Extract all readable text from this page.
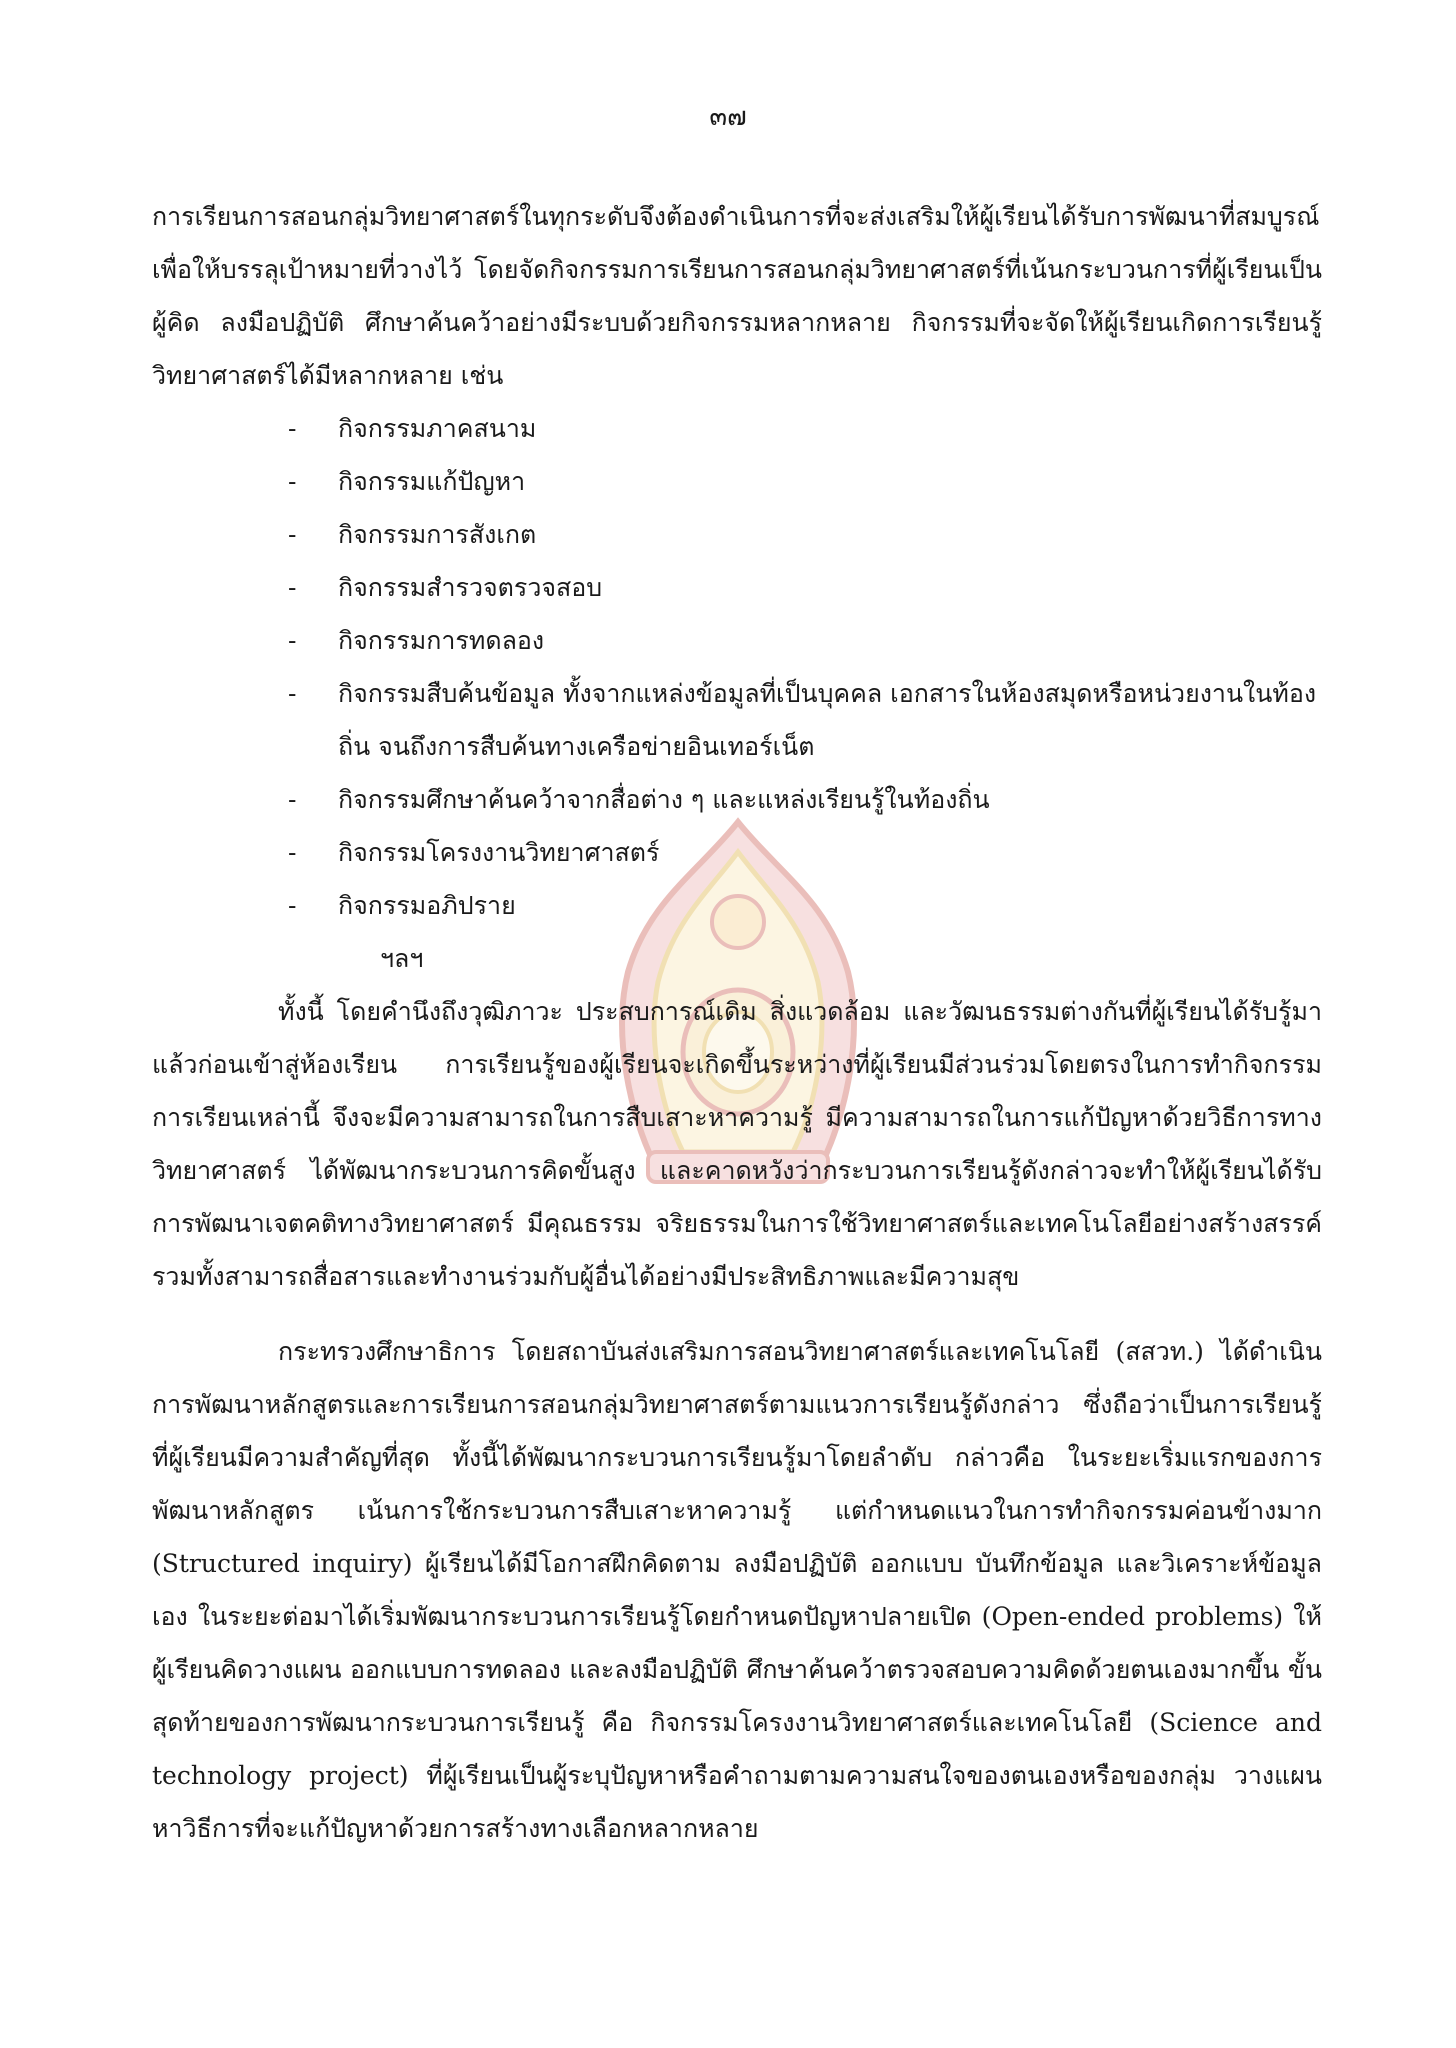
๓๗

การเรียนการสอนกลุ่มวิทยาศาสตร์ในทุกระดับจึงต้องดำเนินการที่จะส่งเสริมให้ผู้เรียนได้รับการพัฒนาที่สมบูรณ์เพื่อให้บรรลุเป้าหมายที่วางไว้ โดยจัดกิจกรรมการเรียนการสอนกลุ่มวิทยาศาสตร์ที่เน้นกระบวนการที่ผู้เรียนเป็นผู้คิด ลงมือปฏิบัติ ศึกษาค้นคว้าอย่างมีระบบด้วยกิจกรรมหลากหลาย กิจกรรมที่จะจัดให้ผู้เรียนเกิดการเรียนรู้วิทยาศาสตร์ได้มีหลากหลาย เช่น

- กิจกรรมภาคสนาม
- กิจกรรมแก้ปัญหา
- กิจกรรมการสังเกต
- กิจกรรมสำรวจตรวจสอบ
- กิจกรรมการทดลอง
- กิจกรรมสืบค้นข้อมูล ทั้งจากแหล่งข้อมูลที่เป็นบุคคล เอกสารในห้องสมุดหรือหน่วยงานในท้องถิ่น จนถึงการสืบค้นทางเครือข่ายอินเทอร์เน็ต
- กิจกรรมศึกษาค้นคว้าจากสื่อต่าง ๆ และแหล่งเรียนรู้ในท้องถิ่น
- กิจกรรมโครงงานวิทยาศาสตร์
- กิจกรรมอภิปราย
ฯลฯ

ทั้งนี้ โดยคำนึงถึงวุฒิภาวะ ประสบการณ์เดิม สิ่งแวดล้อม และวัฒนธรรมต่างกันที่ผู้เรียนได้รับรู้มาแล้วก่อนเข้าสู่ห้องเรียน การเรียนรู้ของผู้เรียนจะเกิดขึ้นระหว่างที่ผู้เรียนมีส่วนร่วมโดยตรงในการทำกิจกรรมการเรียนเหล่านี้ จึงจะมีความสามารถในการสืบเสาะหาความรู้ มีความสามารถในการแก้ปัญหาด้วยวิธีการทางวิทยาศาสตร์ ได้พัฒนากระบวนการคิดขั้นสูง และคาดหวังว่ากระบวนการเรียนรู้ดังกล่าวจะทำให้ผู้เรียนได้รับการพัฒนาเจตคติทางวิทยาศาสตร์ มีคุณธรรม จริยธรรมในการใช้วิทยาศาสตร์และเทคโนโลยีอย่างสร้างสรรค์ รวมทั้งสามารถสื่อสารและทำงานร่วมกับผู้อื่นได้อย่างมีประสิทธิภาพและมีความสุข

กระทรวงศึกษาธิการ โดยสถาบันส่งเสริมการสอนวิทยาศาสตร์และเทคโนโลยี (สสวท.) ได้ดำเนินการพัฒนาหลักสูตรและการเรียนการสอนกลุ่มวิทยาศาสตร์ตามแนวการเรียนรู้ดังกล่าว ซึ่งถือว่าเป็นการเรียนรู้ที่ผู้เรียนมีความสำคัญที่สุด ทั้งนี้ได้พัฒนากระบวนการเรียนรู้มาโดยลำดับ กล่าวคือ ในระยะเริ่มแรกของการพัฒนาหลักสูตร เน้นการใช้กระบวนการสืบเสาะหาความรู้ แต่กำหนดแนวในการทำกิจกรรมค่อนข้างมาก (Structured inquiry) ผู้เรียนได้มีโอกาสฝึกคิดตาม ลงมือปฏิบัติ ออกแบบ บันทึกข้อมูล และวิเคราะห์ข้อมูลเอง ในระยะต่อมาได้เริ่มพัฒนากระบวนการเรียนรู้โดยกำหนดปัญหาปลายเปิด (Open-ended problems) ให้ผู้เรียนคิดวางแผน ออกแบบการทดลอง และลงมือปฏิบัติ ศึกษาค้นคว้าตรวจสอบความคิดด้วยตนเองมากขึ้น ขั้นสุดท้ายของการพัฒนากระบวนการเรียนรู้ คือ กิจกรรมโครงงานวิทยาศาสตร์และเทคโนโลยี (Science and technology project) ที่ผู้เรียนเป็นผู้ระบุปัญหาหรือคำถามตามความสนใจของตนเองหรือของกลุ่ม วางแผนหาวิธีการที่จะแก้ปัญหาด้วยการสร้างทางเลือกหลากหลาย
